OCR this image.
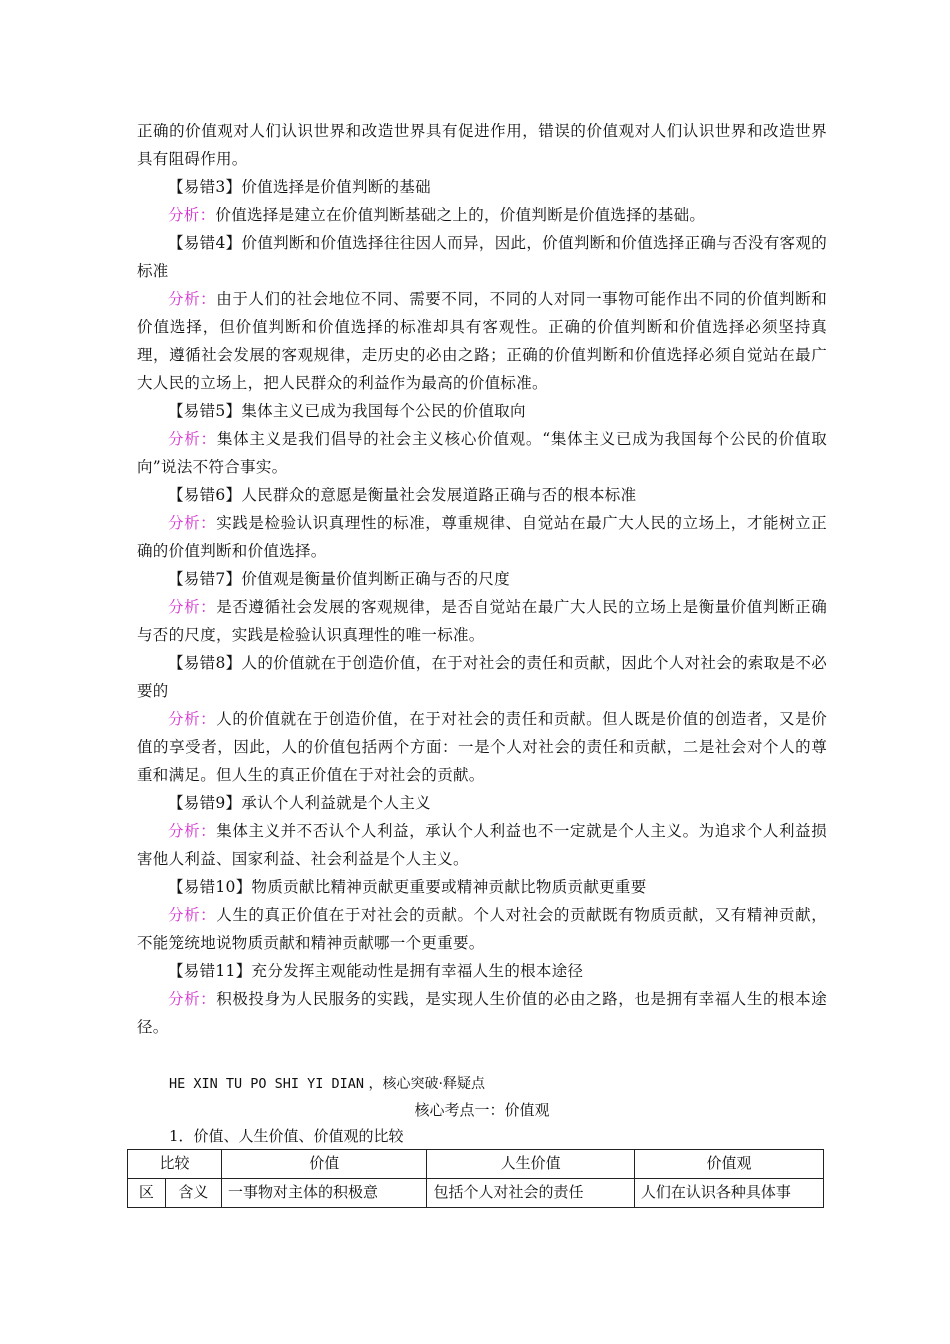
正确的价值观对人们认识世界和改造世界具有促进作用，错误的价值观对人们认识世界和改造世界具有阻碍作用。

【易错3】价值选择是价值判断的基础

分析：价值选择是建立在价值判断基础之上的，价值判断是价值选择的基础。

【易错4】价值判断和价值选择往往因人而异，因此，价值判断和价值选择正确与否没有客观的标准

分析：由于人们的社会地位不同、需要不同，不同的人对同一事物可能作出不同的价值判断和价值选择，但价值判断和价值选择的标准却具有客观性。正确的价值判断和价值选择必须坚持真理，遵循社会发展的客观规律，走历史的必由之路；正确的价值判断和价值选择必须自觉站在最广大人民的立场上，把人民群众的利益作为最高的价值标准。

【易错5】集体主义已成为我国每个公民的价值取向

分析：集体主义是我们倡导的社会主义核心价值观。“集体主义已成为我国每个公民的价值取向”说法不符合事实。

【易错6】人民群众的意愿是衡量社会发展道路正确与否的根本标准

分析：实践是检验认识真理性的标准，尊重规律、自觉站在最广大人民的立场上，才能树立正确的价值判断和价值选择。

【易错7】价值观是衡量价值判断正确与否的尺度

分析：是否遵循社会发展的客观规律，是否自觉站在最广大人民的立场上是衡量价值判断正确与否的尺度，实践是检验认识真理性的唯一标准。

【易错8】人的价值就在于创造价值，在于对社会的责任和贡献，因此个人对社会的索取是不必要的

分析：人的价值就在于创造价值，在于对社会的责任和贡献。但人既是价值的创造者，又是价值的享受者，因此，人的价值包括两个方面：一是个人对社会的责任和贡献，二是社会对个人的尊重和满足。但人生的真正价值在于对社会的贡献。

【易错9】承认个人利益就是个人主义

分析：集体主义并不否认个人利益，承认个人利益也不一定就是个人主义。为追求个人利益损害他人利益、国家利益、社会利益是个人主义。

【易错10】物质贡献比精神贡献更重要或精神贡献比物质贡献更重要

分析：人生的真正价值在于对社会的贡献。个人对社会的贡献既有物质贡献，又有精神贡献，不能笼统地说物质贡献和精神贡献哪一个更重要。

【易错11】充分发挥主观能动性是拥有幸福人生的根本途径

分析：积极投身为人民服务的实践，是实现人生价值的必由之路，也是拥有幸福人生的根本途径。

HE XIN TU PO SHI YI DIAN ，核心突破·释疑点
核心考点一：价值观
1．价值、人生价值、价值观的比较
比较		价值	人生价值	价值观
区	含义	一事物对主体的积极意	包括个人对社会的责任	人们在认识各种具体事
